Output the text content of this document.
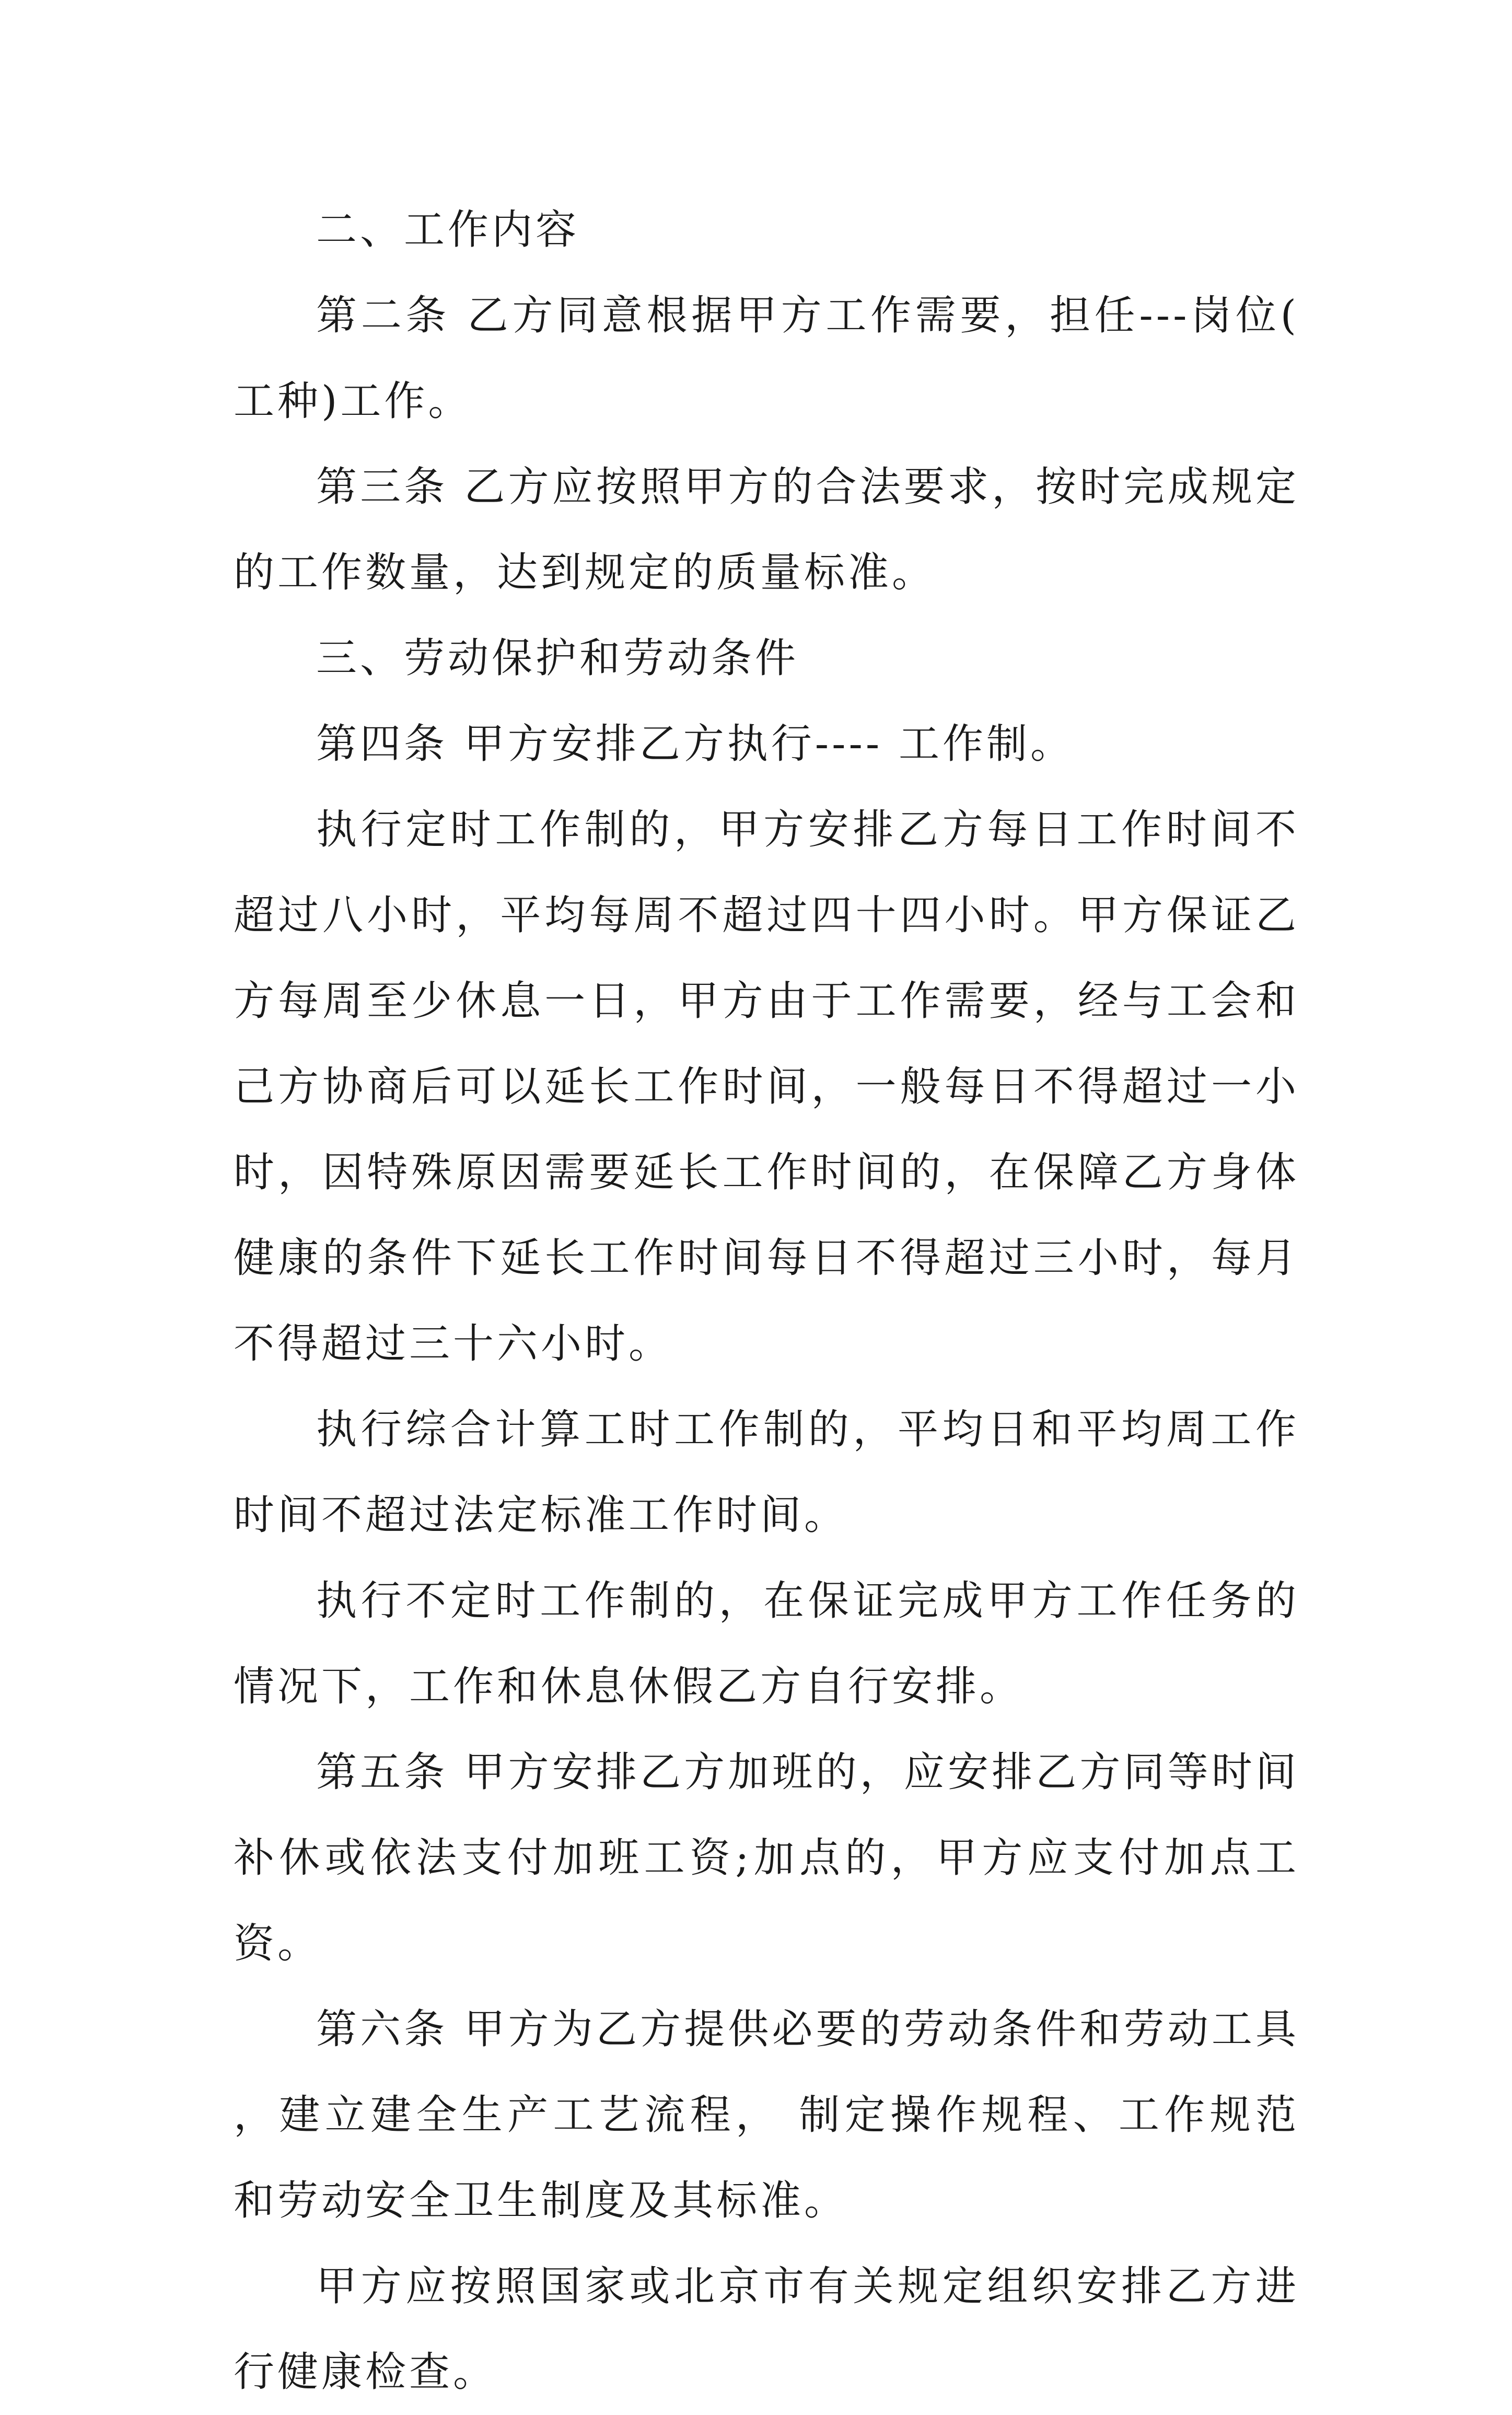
二、工作内容

第二条 乙方同意根据甲方工作需要，担任---岗位(工种)工作。

第三条 乙方应按照甲方的合法要求，按时完成规定的工作数量，达到规定的质量标准。

三、劳动保护和劳动条件

第四条 甲方安排乙方执行---- 工作制。

执行定时工作制的，甲方安排乙方每日工作时间不超过八小时，平均每周不超过四十四小时。甲方保证乙方每周至少休息一日，甲方由于工作需要，经与工会和己方协商后可以延长工作时间，一般每日不得超过一小时，因特殊原因需要延长工作时间的，在保障乙方身体健康的条件下延长工作时间每日不得超过三小时，每月不得超过三十六小时。

执行综合计算工时工作制的，平均日和平均周工作时间不超过法定标准工作时间。

执行不定时工作制的，在保证完成甲方工作任务的情况下，工作和休息休假乙方自行安排。

第五条 甲方安排乙方加班的，应安排乙方同等时间补休或依法支付加班工资;加点的，甲方应支付加点工资。

第六条 甲方为乙方提供必要的劳动条件和劳动工具，建立建全生产工艺流程， 制定操作规程、工作规范和劳动安全卫生制度及其标准。

甲方应按照国家或北京市有关规定组织安排乙方进行健康检查。
